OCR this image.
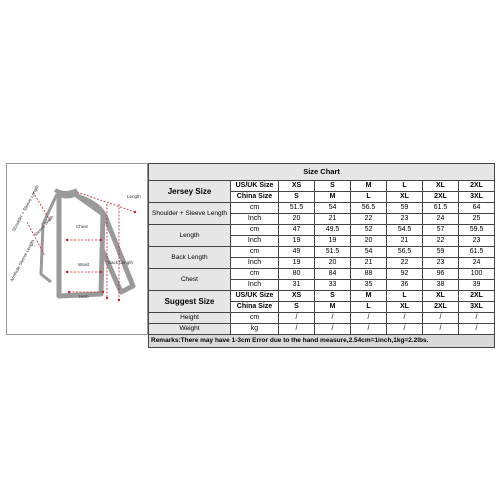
Shoulder + Sleeve Length
Sleeve Width
Armhole Sleeve Length
Chest
Length
Waist	Back Length
Hem
Size Chart							
Jersey Size	US/UK Size	XS	S	M	L	XL	2XL
	China Size	S	M	L	XL	2XL	3XL
Shoulder + Sleeve Length	cm	51.5	54	56.5	59	61.5	64
	Inch	20	21	22	23	24	25
Length	cm	47	49.5	52	54.5	57	59.5
	Inch	19	19	20	21	22	23
Back Length	cm	49	51.5	54	56.5	59	61.5
	Inch	19	20	21	22	23	24
Chest	cm	80	84	88	92	96	100
	Inch	31	33	35	36	38	39
Suggest Size	US/UK Size	XS	S	M	L	XL	2XL
	China Size	S	M	L	XL	2XL	3XL
Height	cm	/	/	/	/	/	/
Weight	kg	/	/	/	/	/	/
Remarks:There may have 1-3cm Error due to the hand measure,2.54cm=1inch,1kg=2.2lbs.							
